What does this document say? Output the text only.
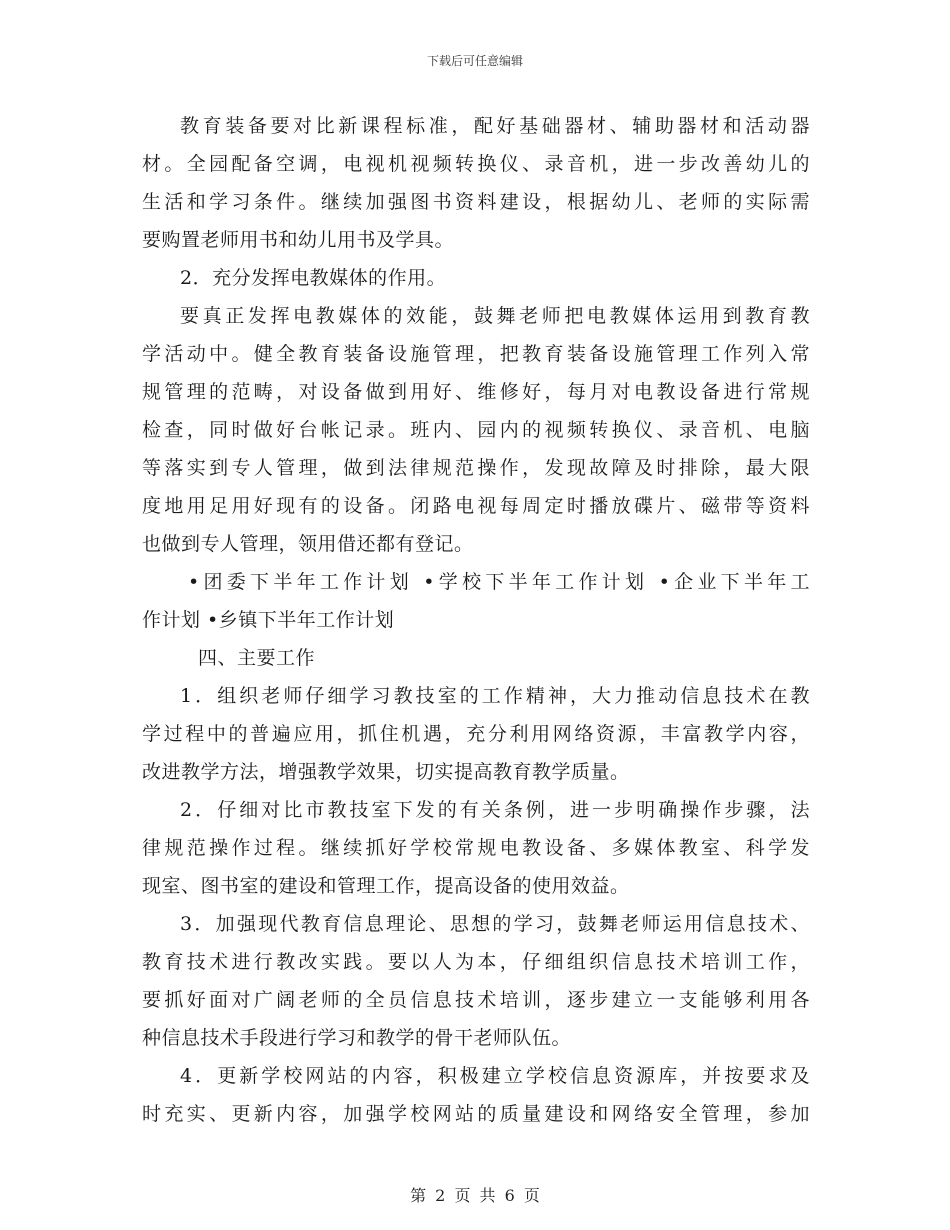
下载后可任意编辑
教育装备要对比新课程标准，配好基础器材、辅助器材和活动器
材。全园配备空调，电视机视频转换仪、录音机，进一步改善幼儿的
生活和学习条件。继续加强图书资料建设，根据幼儿、老师的实际需
要购置老师用书和幼儿用书及学具。
2．充分发挥电教媒体的作用。
要真正发挥电教媒体的效能，鼓舞老师把电教媒体运用到教育教
学活动中。健全教育装备设施管理，把教育装备设施管理工作列入常
规管理的范畴，对设备做到用好、维修好，每月对电教设备进行常规
检查，同时做好台帐记录。班内、园内的视频转换仪、录音机、电脑
等落实到专人管理，做到法律规范操作，发现故障及时排除，最大限
度地用足用好现有的设备。闭路电视每周定时播放碟片、磁带等资料
也做到专人管理，领用借还都有登记。
•团委下半年工作计划 •学校下半年工作计划 •企业下半年工
作计划 •乡镇下半年工作计划
四、主要工作
1．组织老师仔细学习教技室的工作精神，大力推动信息技术在教
学过程中的普遍应用，抓住机遇，充分利用网络资源，丰富教学内容，
改进教学方法，增强教学效果，切实提高教育教学质量。
2．仔细对比市教技室下发的有关条例，进一步明确操作步骤，法
律规范操作过程。继续抓好学校常规电教设备、多媒体教室、科学发
现室、图书室的建设和管理工作，提高设备的使用效益。
3．加强现代教育信息理论、思想的学习，鼓舞老师运用信息技术、
教育技术进行教改实践。要以人为本，仔细组织信息技术培训工作，
要抓好面对广阔老师的全员信息技术培训，逐步建立一支能够利用各
种信息技术手段进行学习和教学的骨干老师队伍。
4．更新学校网站的内容，积极建立学校信息资源库，并按要求及
时充实、更新内容，加强学校网站的质量建设和网络安全管理，参加
第 2 页 共 6 页
